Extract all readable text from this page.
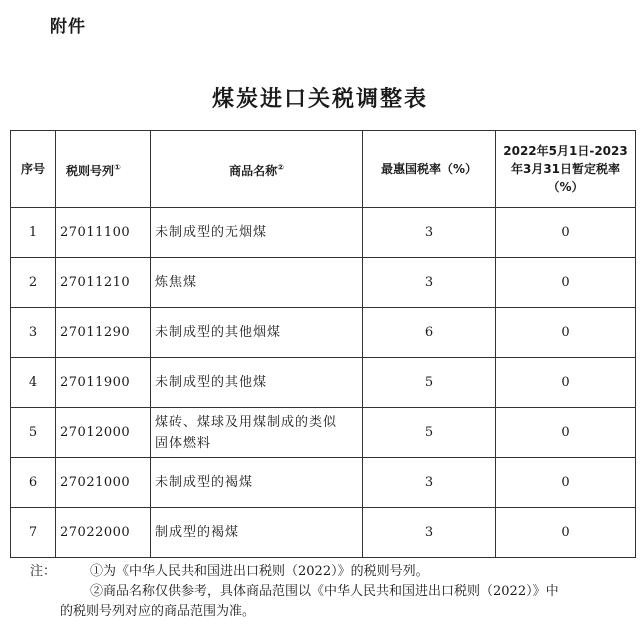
附件
煤炭进口关税调整表
序号	税则号列①	商品名称②	最惠国税率（%）	2022年5月1日-2023
年3月31日暂定税率
（%）

1	27011100	未制成型的无烟煤	3	0
2	27011210	炼焦煤	3	0
3	27011290	未制成型的其他烟煤	6	0
4	27011900	未制成型的其他煤	5	0
5	27012000	煤砖、煤球及用煤制成的类似
固体燃料	5	0
6	27021000	未制成型的褐煤	3	0
7	27022000	制成型的褐煤	3	0
注：	①为《中华人民共和国进出口税则（2022）》的税则号列。
②商品名称仅供参考，具体商品范围以《中华人民共和国进出口税则（2022）》中
的税则号列对应的商品范围为准。
